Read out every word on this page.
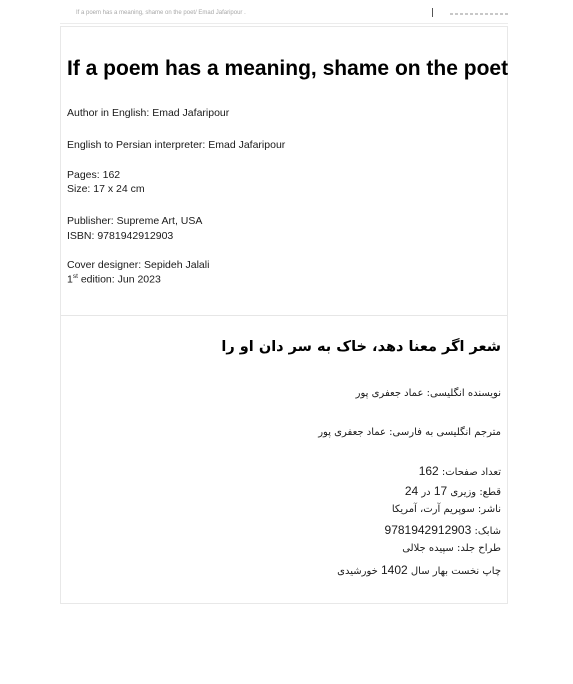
If a poem has a meaning, shame on the poet/ Emad Jafaripour .
If a poem has a meaning, shame on the poet
Author in English: Emad Jafaripour
English to Persian interpreter: Emad Jafaripour
Pages: 162
Size: 17 x 24 cm
Publisher: Supreme Art, USA
ISBN: 9781942912903
Cover designer: Sepideh Jalali
1st edition: Jun 2023
شعر اگر معنا دهد، خاک به سر دان او را
نویسنده انگلیسی: عماد جعفری پور
مترجم انگلیسی به فارسی: عماد جعفری پور
تعداد صفحات: 162
قطع: وزیری 17 در 24
ناشر: سوپریم آرت، آمریکا
شابک: 9781942912903
طراح جلد: سپیده جلالی
چاپ نخست بهار سال 1402 خورشیدی
